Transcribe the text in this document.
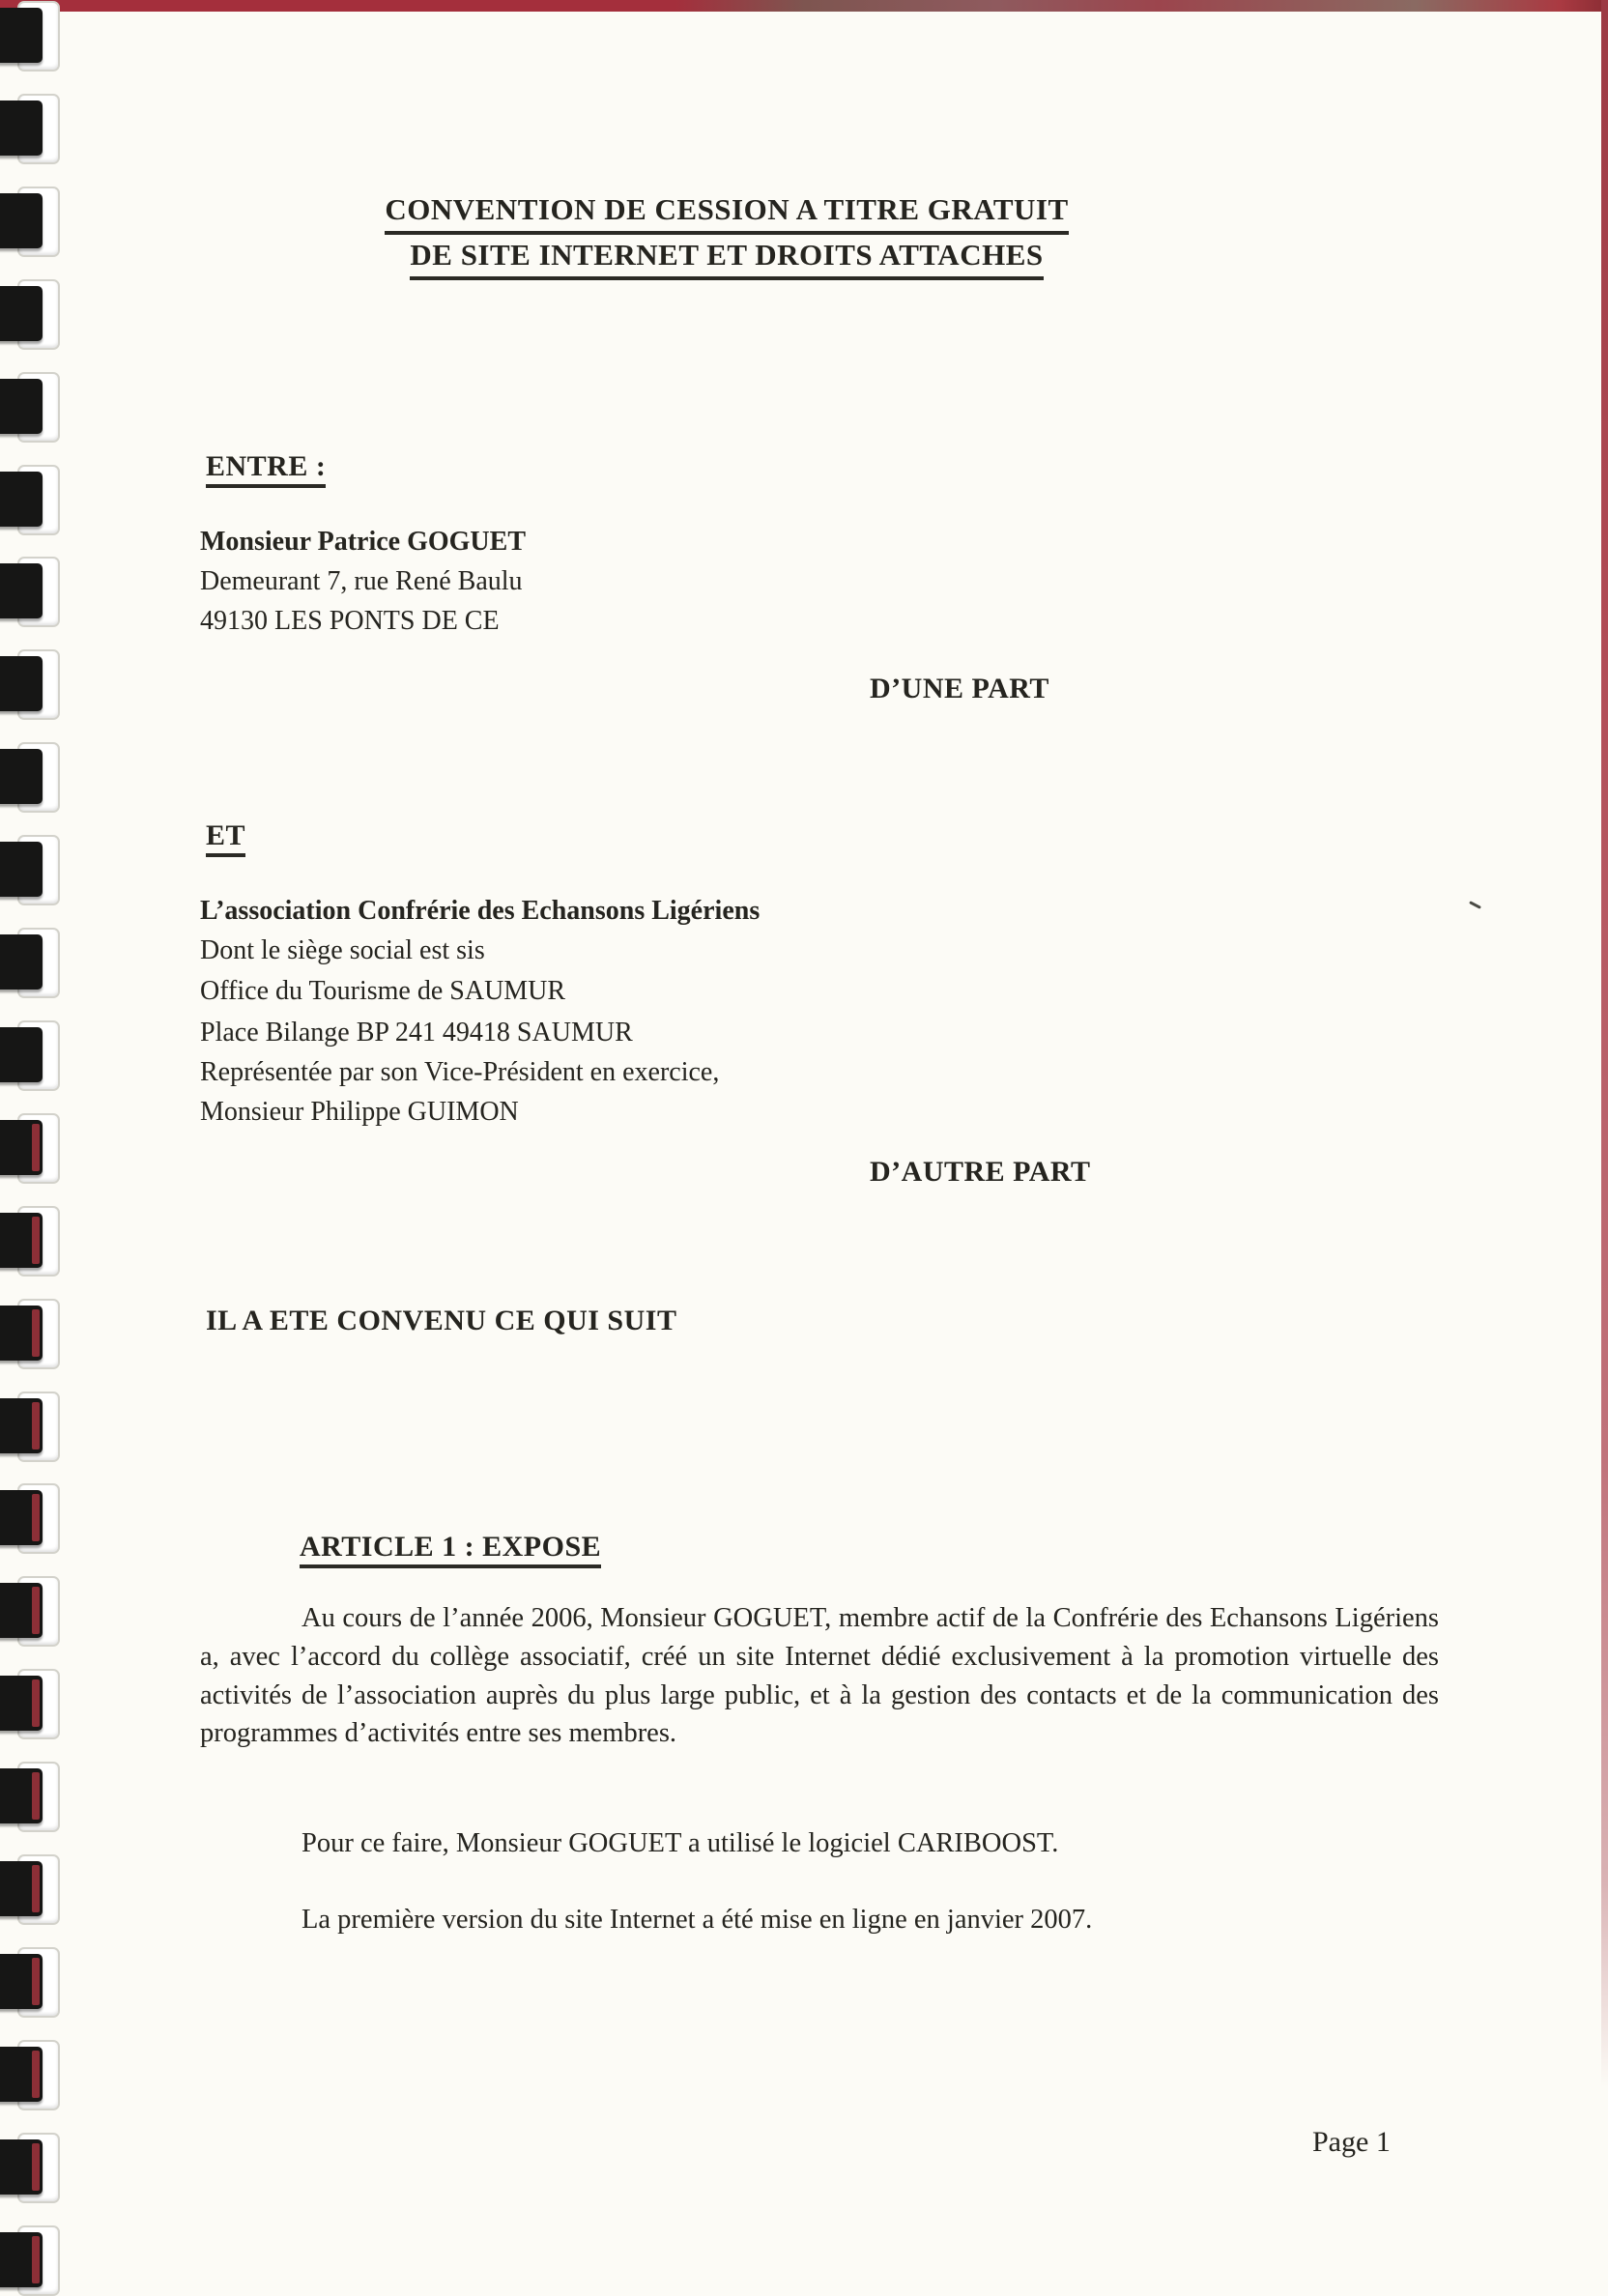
CONVENTION DE CESSION A TITRE GRATUIT
DE SITE INTERNET ET DROITS ATTACHES
ENTRE :
Monsieur Patrice GOGUET
Demeurant 7, rue René Baulu
49130 LES PONTS DE CE
D’UNE PART
ET
L’association Confrérie des Echansons Ligériens
Dont le siège social est sis
Office du Tourisme de SAUMUR
Place Bilange BP 241 49418 SAUMUR
Représentée par son Vice-Président en exercice,
Monsieur Philippe GUIMON
D’AUTRE PART
IL A ETE CONVENU CE QUI SUIT
ARTICLE 1 : EXPOSE
Au cours de l’année 2006, Monsieur GOGUET, membre actif de la Confrérie des Echansons Ligériens a, avec l’accord du collège associatif, créé un site Internet dédié exclusivement à la promotion virtuelle des activités de l’association auprès du plus large public, et à la gestion des contacts et de la communication des programmes d’activités entre ses membres.
Pour ce faire, Monsieur GOGUET a utilisé le logiciel CARIBOOST.
La première version du site Internet a été mise en ligne en janvier 2007.
Page 1
